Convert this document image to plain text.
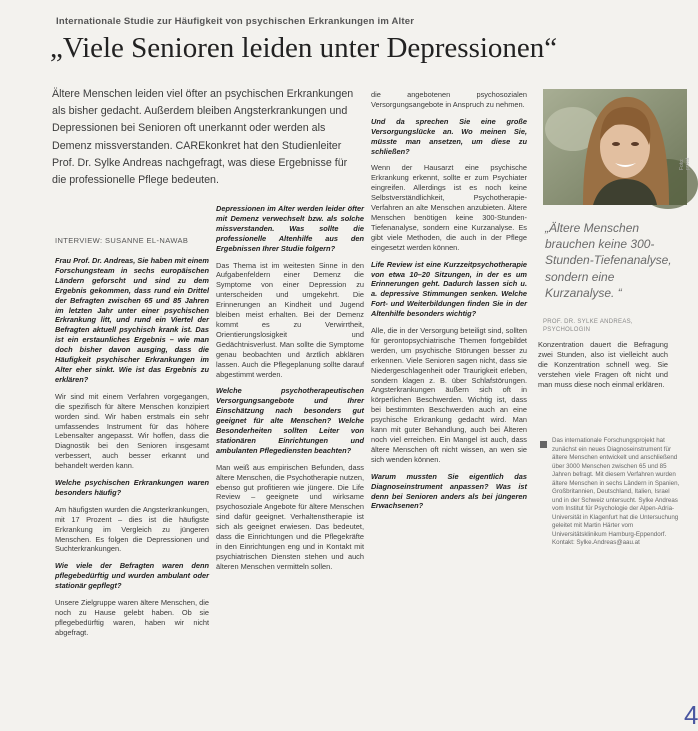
Internationale Studie zur Häufigkeit von psychischen Erkrankungen im Alter
„Viele Senioren leiden unter Depressionen“
Ältere Menschen leiden viel öfter an psychischen Erkrankungen als bisher gedacht. Außerdem bleiben Angsterkrankungen und Depressionen bei Senioren oft unerkannt oder werden als Demenz missverstanden. CAREkonkret hat den Studienleiter Prof. Dr. Sylke Andreas nachgefragt, was diese Ergebnisse für die professionelle Pflege bedeuten.
INTERVIEW: SUSANNE EL-NAWAB

Frau Prof. Dr. Andreas, Sie haben mit einem Forschungsteam in sechs europäischen Ländern geforscht und sind zu dem Ergebnis gekommen, dass rund ein Drittel der Befragten zwischen 65 und 85 Jahren im letzten Jahr unter einer psychischen Erkrankung litt, und rund ein Viertel der Befragten aktuell psychisch krank ist. Das ist ein erstaunliches Ergebnis – wie man doch bisher davon ausging, dass die Häufigkeit psychischer Erkrankungen im Alter eher sinkt. Wie ist das Ergebnis zu erklären?

Wir sind mit einem Verfahren vorgegangen, die spezifisch für ältere Menschen konzipiert worden sind. Wir haben erstmals ein sehr umfassendes Instrument für das höhere Lebensalter angepasst. Wir hoffen, dass die Diagnostik bei den Senioren insgesamt verbessert, auch besser erkannt und behandelt werden kann.

Welche psychischen Erkrankungen waren besonders häufig?

Am häufigsten wurden die Angsterkrankungen, mit 17 Prozent – dies ist die häufigste Erkrankung im Vergleich zu jüngeren Menschen. Es folgen die Depressionen und Suchterkrankungen.

Wie viele der Befragten waren denn pflegebedürftig und wurden ambulant oder stationär gepflegt?

Unsere Zielgruppe waren ältere Menschen, die noch zu Hause gelebt haben. Ob sie pflegebedürftig waren, haben wir nicht abgefragt.

Depressionen im Alter werden leider öfter mit Demenz verwechselt bzw. als solche missverstanden. Was sollte die professionelle Altenhilfe aus den Ergebnissen Ihrer Studie folgern?

Das Thema ist im weitesten Sinne in den Aufgabenfeldern einer Demenz die Symptome von einer Depression zu unterscheiden und umgekehrt. Die Erinnerungen an Kindheit und Jugend bleiben meist erhalten. Bei der Demenz kommt es zu Verwirrtheit, Orientierungslosigkeit und Gedächtnisverlust. Man sollte die Symptome genau beobachten und ärztlich abklären lassen. Auch die Pflegeplanung sollte darauf abgestimmt werden.

Welche psychotherapeutischen Versorgungsangebote und Ihrer Einschätzung nach besonders gut geeignet für alte Menschen? Welche Besonderheiten sollten Leiter von stationären Einrichtungen und ambulanten Pflegediensten beachten?

Man weiß aus empirischen Befunden, dass ältere Menschen, die Psychotherapie nutzen, ebenso gut profitieren wie jüngere. Die Life Review – geeignete und wirksame psychosoziale Angebote für ältere Menschen sind dafür geeignet. Verhaltenstherapie ist sich als geeignet erwiesen. Das bedeutet, dass die Einrichtungen und die Pflegekräfte in den Einrichtungen eng und in Kontakt mit psychiatrischen Diensten stehen und auch älteren Menschen vermitteln sollen.

die angebotenen psychosozialen Versorgungsangebote in Anspruch zu nehmen.

Und da sprechen Sie eine große Versorgungslücke an. Wo meinen Sie, müsste man ansetzen, um diese zu schließen?

Wenn der Hausarzt eine psychische Erkrankung erkennt, sollte er zum Psychiater eingreifen. Allerdings ist es noch keine Selbstverständlichkeit, Psychotherapie-Verfahren an alte Menschen anzubieten. Ältere Menschen benötigen keine 300-Stunden-Tiefenanalyse, sondern eine Kurzanalyse. Es gibt viele Methoden, die auch in der Pflege eingesetzt werden können.

Life Review ist eine Kurzzeitpsychotherapie von etwa 10–20 Sitzungen, in der es um Erinnerungen geht. Dadurch lassen sich u. a. depressive Stimmungen senken. Welche Fort- und Weiterbildungen finden Sie in der Altenhilfe besonders wichtig?

Alle, die in der Versorgung beteiligt sind, sollten für gerontopsychiatrische Themen fortgebildet werden, um psychische Störungen besser zu erkennen. Viele Senioren sagen nicht, dass sie Niedergeschlagenheit oder Traurigkeit erleben, sondern klagen z. B. über Schlafstörungen. Angsterkrankungen äußern sich oft in körperlichen Beschwerden. Wichtig ist, dass bei bestimmten Beschwerden auch an eine psychische Erkrankung gedacht wird. Man kann mit guter Behandlung, auch bei Älteren noch viel erreichen. Ein Mangel ist auch, dass ältere Menschen oft nicht wissen, an wen sie sich wenden können.

Warum mussten Sie eigentlich das Diagnoseinstrument anpassen? Was ist denn bei Senioren anders als bei jüngeren Erwachsenen?

Foto: privat
„Ältere Menschen brauchen keine 300-Stunden-Tiefenanalyse, sondern eine Kurzanalyse. “
PROF. DR. SYLKE ANDREAS, PSYCHOLOGIN

Konzentration dauert die Befragung zwei Stunden, also ist vielleicht auch die Konzentration schnell weg. Sie verstehen viele Fragen oft nicht und man muss diese noch einmal erklären.

Das internationale Forschungsprojekt hat zunächst ein neues Diagnoseinstrument für ältere Menschen entwickelt und anschließend über 3000 Menschen zwischen 65 und 85 Jahren befragt. Mit diesem Verfahren wurden ältere Menschen in sechs Ländern in Spanien, Großbritannien, Deutschland, Italien, Israel und in der Schweiz untersucht. Sylke Andreas vom Institut für Psychologie der Alpen-Adria-Universität in Klagenfurt hat die Untersuchung geleitet mit Martin Härter vom Universitätsklinikum Hamburg-Eppendorf. Kontakt: Sylke.Andreas@aau.at
4
